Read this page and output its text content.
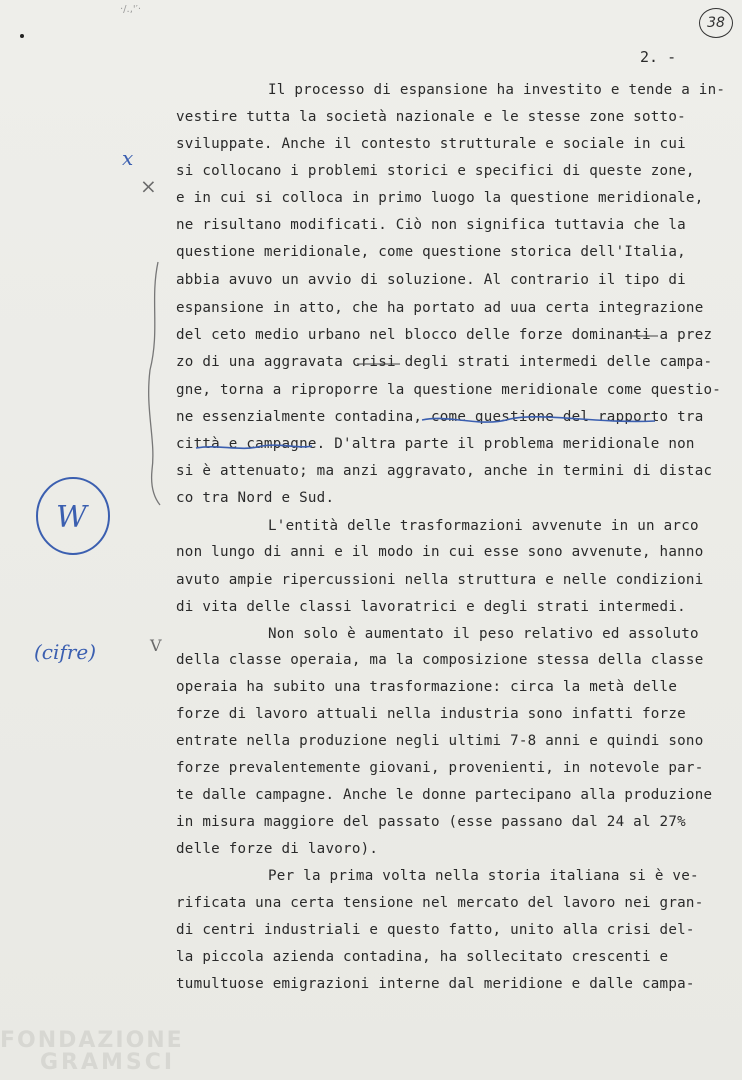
·/.,'′·
38
2. -
Il processo di espansione ha investito e tende a in-
vestire tutta la società nazionale e le stesse zone sotto-
sviluppate. Anche il contesto strutturale e sociale in cui
si collocano i problemi storici e specifici di queste zone,
e in cui si colloca in primo luogo la questione meridionale,
ne risultano modificati. Ciò non significa tuttavia che la
questione meridionale, come questione storica dell'Italia,
abbia avuvo un avvio di soluzione. Al contrario il tipo di
espansione in atto, che ha portato ad uua certa integrazione
del ceto medio urbano nel blocco delle forze dominanti a prez
zo di una aggravata crisi degli strati intermedi delle campa-
gne, torna a riproporre la questione meridionale come questio-
ne essenzialmente contadina, come questione del rapporto tra
città e campagne. D'altra parte il problema meridionale non
si è attenuato; ma anzi aggravato, anche in termini di distac
co tra Nord e Sud.
L'entità delle trasformazioni avvenute in un arco
non lungo di anni e il modo in cui esse sono avvenute, hanno
avuto ampie ripercussioni nella struttura e nelle condizioni
di vita delle classi lavoratrici e degli strati intermedi.
Non solo è aumentato il peso relativo ed assoluto
della classe operaia, ma la composizione stessa della classe
operaia ha subito una trasformazione: circa la metà delle
forze di lavoro attuali nella industria sono infatti forze
entrate nella produzione negli ultimi 7-8 anni e quindi sono
forze prevalentemente giovani, provenienti, in notevole par-
te dalle campagne. Anche le donne partecipano alla produzione
in misura maggiore del passato (esse passano dal 24 al 27%
delle forze di lavoro).
Per la prima volta nella storia italiana si è ve-
rificata una certa tensione nel mercato del lavoro nei gran-
di centri industriali e questo fatto, unito alla crisi del-
la piccola azienda contadina, ha sollecitato crescenti e
tumultuose emigrazioni interne dal meridione e dalle campa-
x
×
W
(cifre)	V
FONDAZIONE
GRAMSCI
